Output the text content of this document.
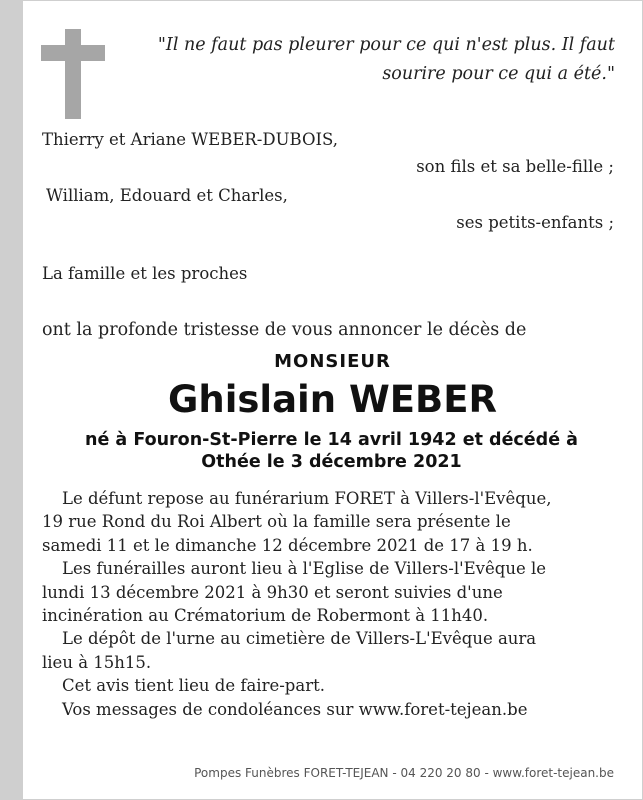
"Il ne faut pas pleurer pour ce qui n'est plus. Il faut
sourire pour ce qui a été."
Thierry et Ariane WEBER-DUBOIS,
son fils et sa belle-fille ;
William, Edouard et Charles,
ses petits-enfants ;
La famille et les proches
ont la profonde tristesse de vous annoncer le décès de
MONSIEUR
Ghislain WEBER
né à Fouron-St-Pierre le 14 avril 1942 et décédé à
Othée le 3 décembre 2021

Le défunt repose au funérarium FORET à Villers-l'Evêque,
19 rue Rond du Roi Albert où la famille sera présente le
samedi 11 et le dimanche 12 décembre 2021 de 17 à 19 h.

Les funérailles auront lieu à l'Eglise de Villers-l'Evêque le
lundi 13 décembre 2021 à 9h30 et seront suivies d'une
incinération au Crématorium de Robermont à 11h40.

Le dépôt de l'urne au cimetière de Villers-L'Evêque aura
lieu à 15h15.

Cet avis tient lieu de faire-part.

Vos messages de condoléances sur www.foret-tejean.be

Pompes Funèbres FORET-TEJEAN - 04 220 20 80 - www.foret-tejean.be
